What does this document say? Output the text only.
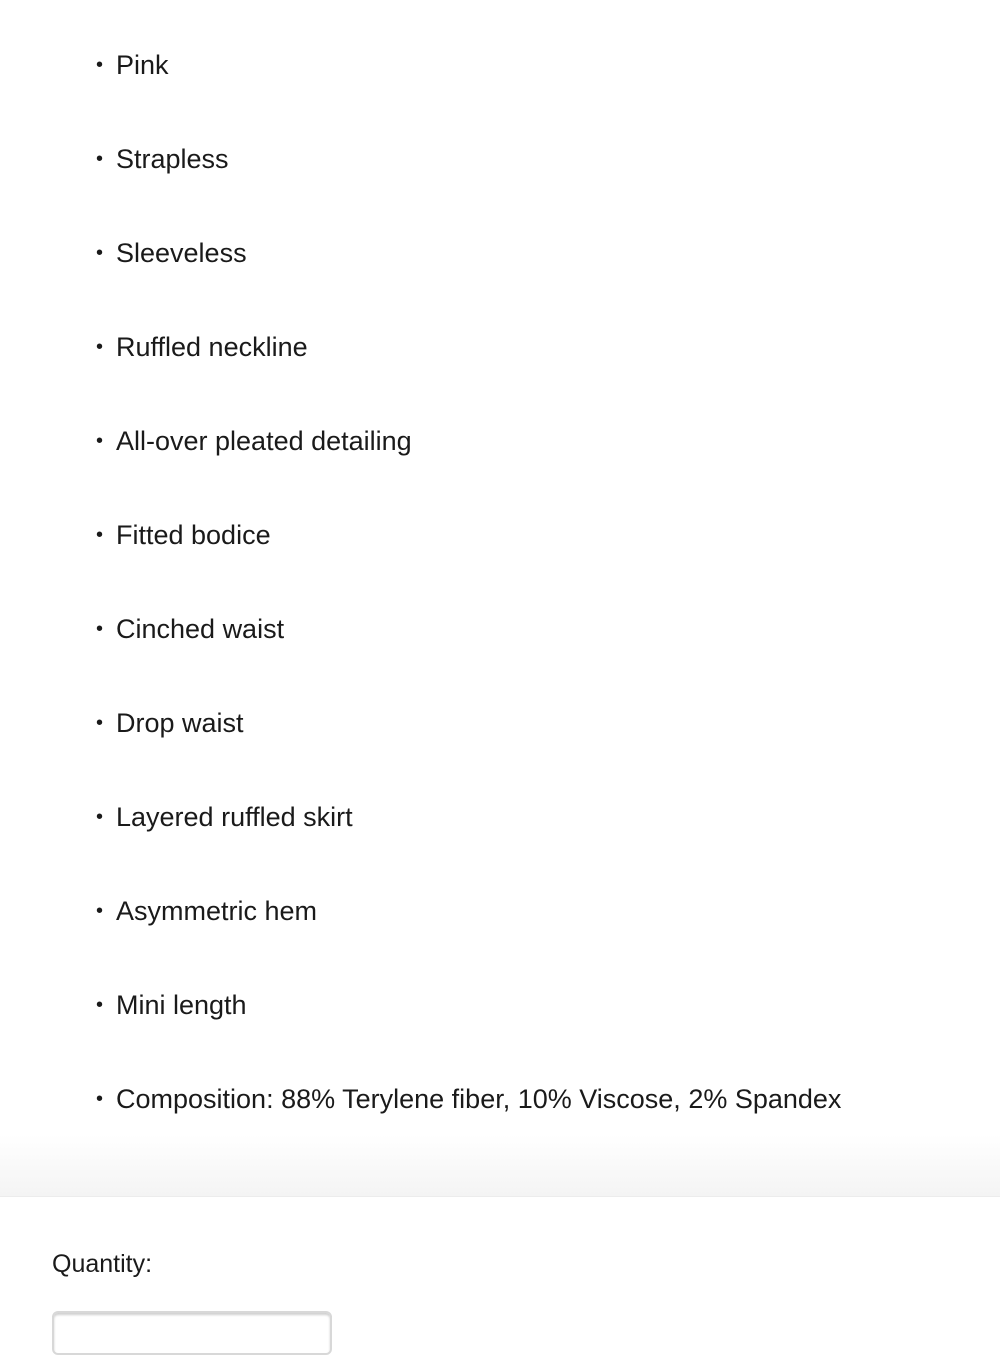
• Pink
• Strapless
• Sleeveless
• Ruffled neckline
• All-over pleated detailing
• Fitted bodice
• Cinched waist
• Drop waist
• Layered ruffled skirt
• Asymmetric hem
• Mini length
• Composition: 88% Terylene fiber, 10% Viscose, 2% Spandex
Quantity:
